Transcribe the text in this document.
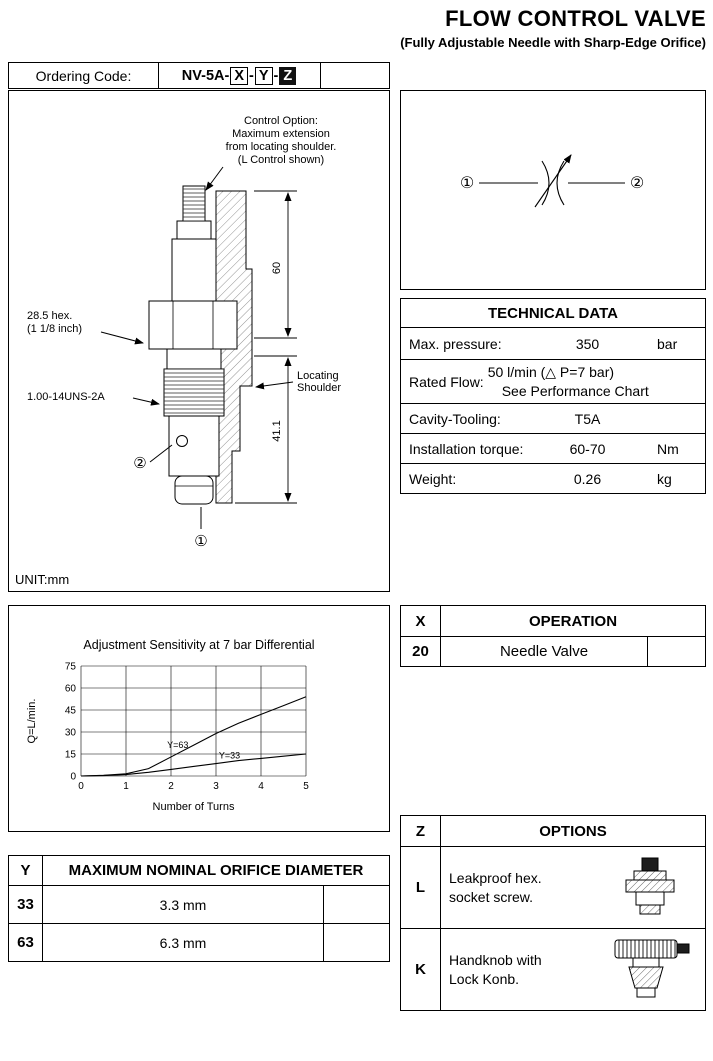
FLOW CONTROL VALVE
(Fully Adjustable Needle with Sharp-Edge Orifice)
Ordering Code:	NV-5A- X - Y - Z
Control Option:
Maximum extension
from locating shoulder.
(L Control shown)
28.5 hex.
(1 1/8 inch)
1.00-14UNS-2A
Locating
Shoulder
60
41.1
②
①
UNIT:mm
①	②
TECHNICAL DATA
Max. pressure:	350	bar
Rated Flow:
50 l/min (△ P=7 bar)
See Performance Chart
Cavity-Tooling:	T5A
Installation torque:	60-70	Nm
Weight:	0.26	kg
Adjustment Sensitivity at 7 bar Differential
0
15
30
45
60
75
0	1	2	3	4	5
Y=63
Y=33
Number of Turns
Q=L/min.
X	OPERATION
20	Needle Valve
Z	OPTIONS
L
Leakproof hex.
socket screw.
K
Handknob with
Lock Konb.
Y	MAXIMUM NOMINAL ORIFICE DIAMETER
33	3.3 mm
63	6.3 mm
